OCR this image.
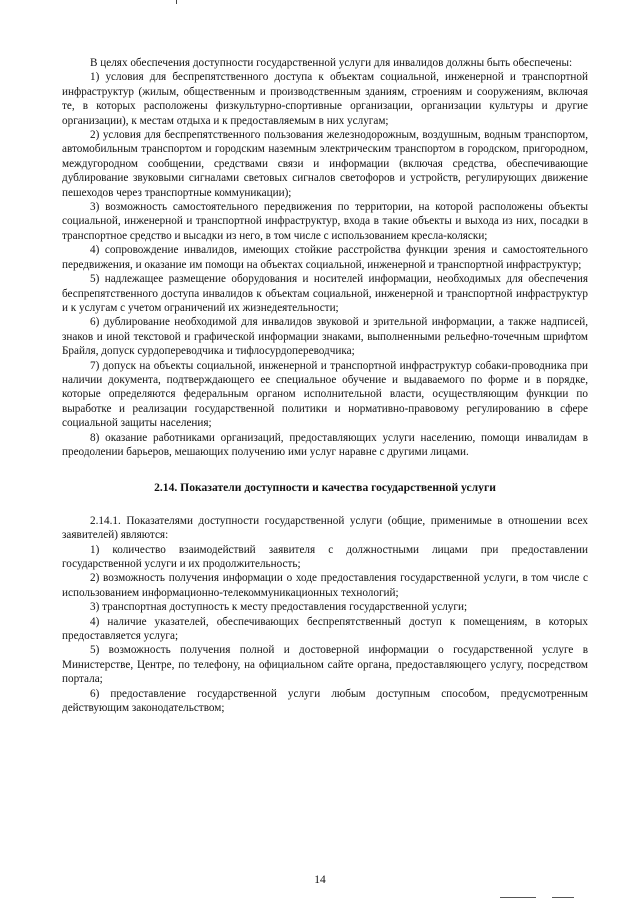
В целях обеспечения доступности государственной услуги для инвалидов должны быть обеспечены:

1) условия для беспрепятственного доступа к объектам социальной, инженерной и транспортной инфраструктур (жилым, общественным и производственным зданиям, строениям и сооружениям, включая те, в которых расположены физкультурно-спортивные организации, организации культуры и другие организации), к местам отдыха и к предоставляемым в них услугам;

2) условия для беспрепятственного пользования железнодорожным, воздушным, водным транспортом, автомобильным транспортом и городским наземным электрическим транспортом в городском, пригородном, междугородном сообщении, средствами связи и информации (включая средства, обеспечивающие дублирование звуковыми сигналами световых сигналов светофоров и устройств, регулирующих движение пешеходов через транспортные коммуникации);

3) возможность самостоятельного передвижения по территории, на которой расположены объекты социальной, инженерной и транспортной инфраструктур, входа в такие объекты и выхода из них, посадки в транспортное средство и высадки из него, в том числе с использованием кресла-коляски;

4) сопровождение инвалидов, имеющих стойкие расстройства функции зрения и самостоятельного передвижения, и оказание им помощи на объектах социальной, инженерной и транспортной инфраструктур;

5) надлежащее размещение оборудования и носителей информации, необходимых для обеспечения беспрепятственного доступа инвалидов к объектам социальной, инженерной и транспортной инфраструктур и к услугам с учетом ограничений их жизнедеятельности;

6) дублирование необходимой для инвалидов звуковой и зрительной информации, а также надписей, знаков и иной текстовой и графической информации знаками, выполненными рельефно-точечным шрифтом Брайля, допуск сурдопереводчика и тифлосурдопереводчика;

7) допуск на объекты социальной, инженерной и транспортной инфраструктур собаки-проводника при наличии документа, подтверждающего ее специальное обучение и выдаваемого по форме и в порядке, которые определяются федеральным органом исполнительной власти, осуществляющим функции по выработке и реализации государственной политики и нормативно-правовому регулированию в сфере социальной защиты населения;

8) оказание работниками организаций, предоставляющих услуги населению, помощи инвалидам в преодолении барьеров, мешающих получению ими услуг наравне с другими лицами.

2.14. Показатели доступности и качества государственной услуги

2.14.1. Показателями доступности государственной услуги (общие, применимые в отношении всех заявителей) являются:

1) количество взаимодействий заявителя с должностными лицами при предоставлении государственной услуги и их продолжительность;

2) возможность получения информации о ходе предоставления государственной услуги, в том числе с использованием информационно-телекоммуникационных технологий;

3) транспортная доступность к месту предоставления государственной услуги;

4) наличие указателей, обеспечивающих беспрепятственный доступ к помещениям, в которых предоставляется услуга;

5) возможность получения полной и достоверной информации о государственной услуге в Министерстве, Центре, по телефону, на официальном сайте органа, предоставляющего услугу, посредством портала;

6) предоставление государственной услуги любым доступным способом, предусмотренным действующим законодательством;

14
